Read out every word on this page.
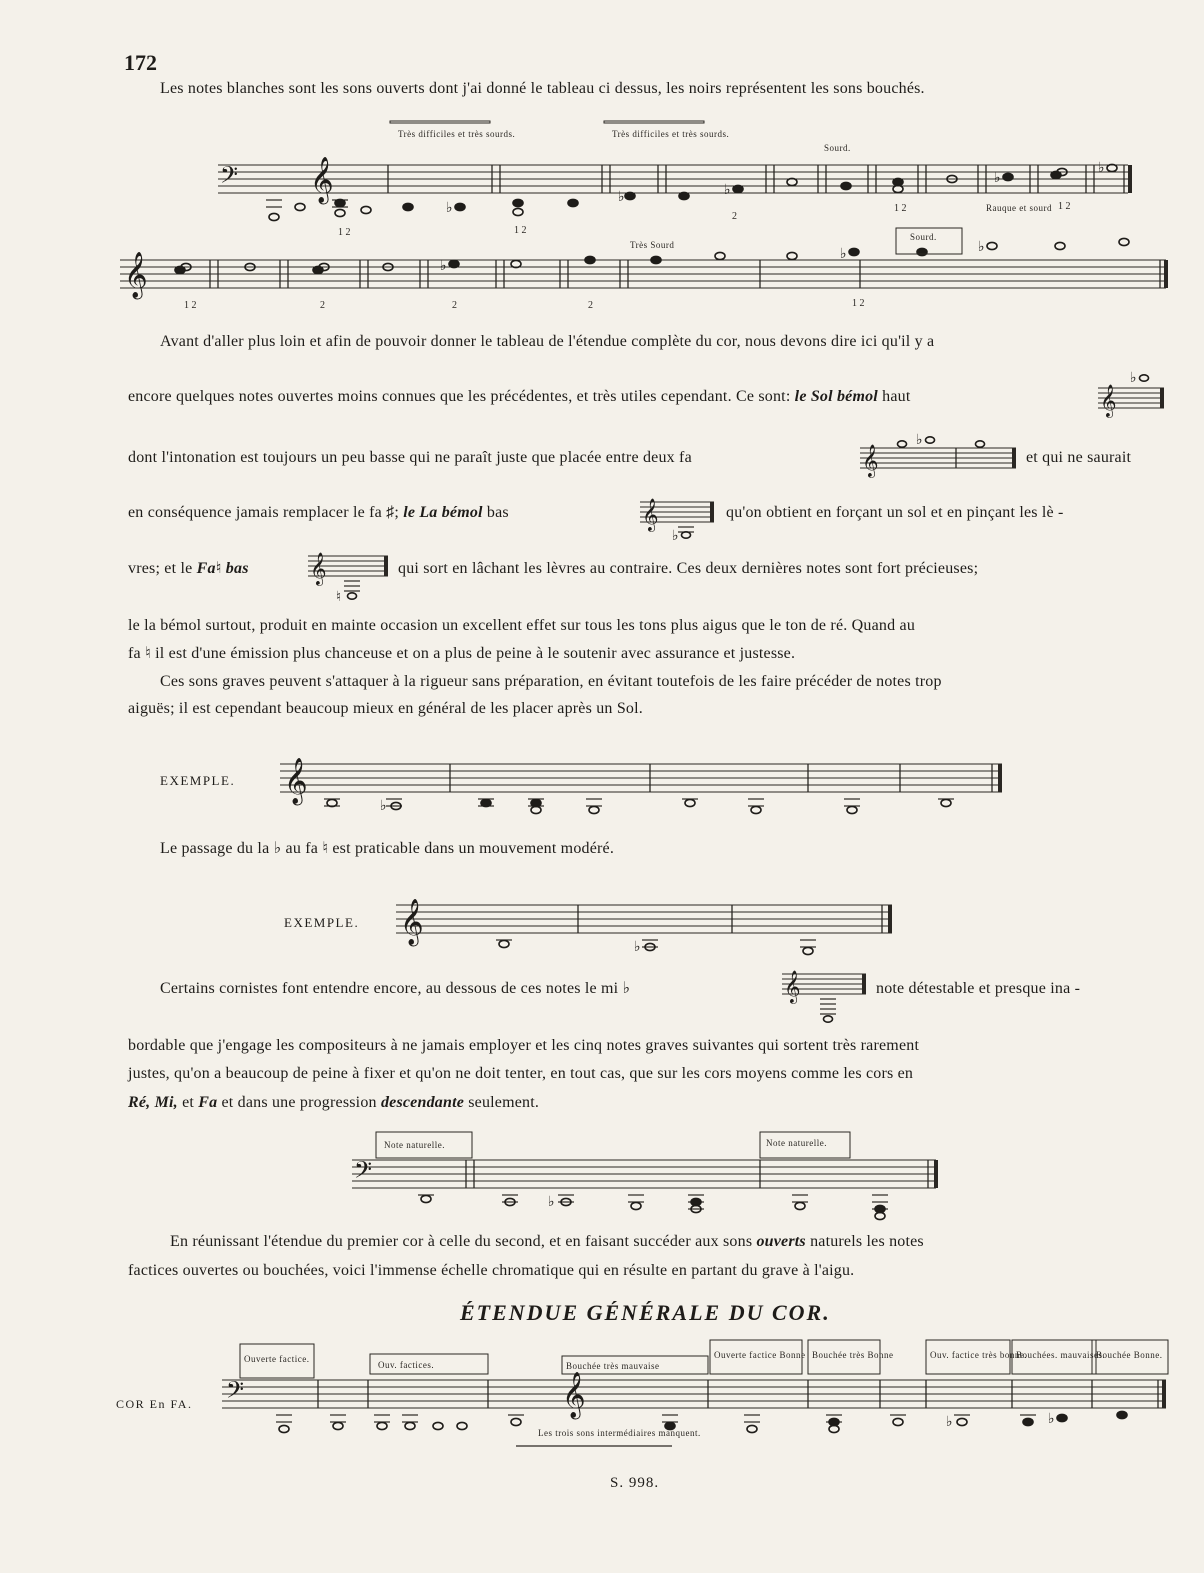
172
Les notes blanches sont les sons ouverts dont j'ai donné le tableau ci dessus, les noirs représentent les sons bouchés.
𝄢 𝄞
♭
♭	♭
♭
♭
Très difficiles et très sourds.	Très difficiles et très sourds.
Sourd.
Rauque et sourd
1 2	1 2
2
1 2	1 2
𝄞	♭
♭	♭
Très Sourd
Sourd.
1 2	2	2	2	1 2
Avant d'aller plus loin et afin de pouvoir donner le tableau de l'étendue complète du cor, nous devons dire ici qu'il y a
encore quelques notes ouvertes moins connues que les précédentes, et très utiles cependant. Ce sont: le Sol bémol haut	𝄞
♭
dont l'intonation est toujours un peu basse qui ne paraît juste que placée entre deux fa	𝄞
♭
et qui ne saurait
en conséquence jamais remplacer le fa ♯; le La bémol bas	𝄞
♭
qu'on obtient en forçant un sol et en pinçant les lè -
vres; et le Fa♮ bas 𝄞
♮
qui sort en lâchant les lèvres au contraire. Ces deux dernières notes sont fort précieuses;
le la bémol surtout, produit en mainte occasion un excellent effet sur tous les tons plus aigus que le ton de ré. Quand au
fa ♮ il est d'une émission plus chanceuse et on a plus de peine à le soutenir avec assurance et justesse.
Ces sons graves peuvent s'attaquer à la rigueur sans préparation, en évitant toutefois de les faire précéder de notes trop
aiguës; il est cependant beaucoup mieux en général de les placer après un Sol.
EXEMPLE. 𝄞
♭
Le passage du la ♭ au fa ♮ est praticable dans un mouvement modéré.
EXEMPLE. 𝄞
♭
Certains cornistes font entendre encore, au dessous de ces notes le mi ♭	𝄞	note détestable et presque ina -
bordable que j'engage les compositeurs à ne jamais employer et les cinq notes graves suivantes qui sortent très rarement
justes, qu'on a beaucoup de peine à fixer et qu'on ne doit tenter, en tout cas, que sur les cors moyens comme les cors en
Ré, Mi, et Fa et dans une progression descendante seulement.
Note naturelle.	Note naturelle.
𝄢
♭
En réunissant l'étendue du premier cor à celle du second, et en faisant succéder aux sons ouverts naturels les notes
factices ouvertes ou bouchées, voici l'immense échelle chromatique qui en résulte en partant du grave à l'aigu.
ÉTENDUE GÉNÉRALE DU COR.
COR En FA.
Ouverte factice.
Ouv. factices.	Bouchée très mauvaise
Ouverte factice Bonne Bouchée très Bonne	Ouv. factice très bonne.
Bouchées. mauvaises.
Bouchée Bonne.
𝄢	𝄞
♭	♭
Les trois sons intermédiaires manquent.
S. 998.
